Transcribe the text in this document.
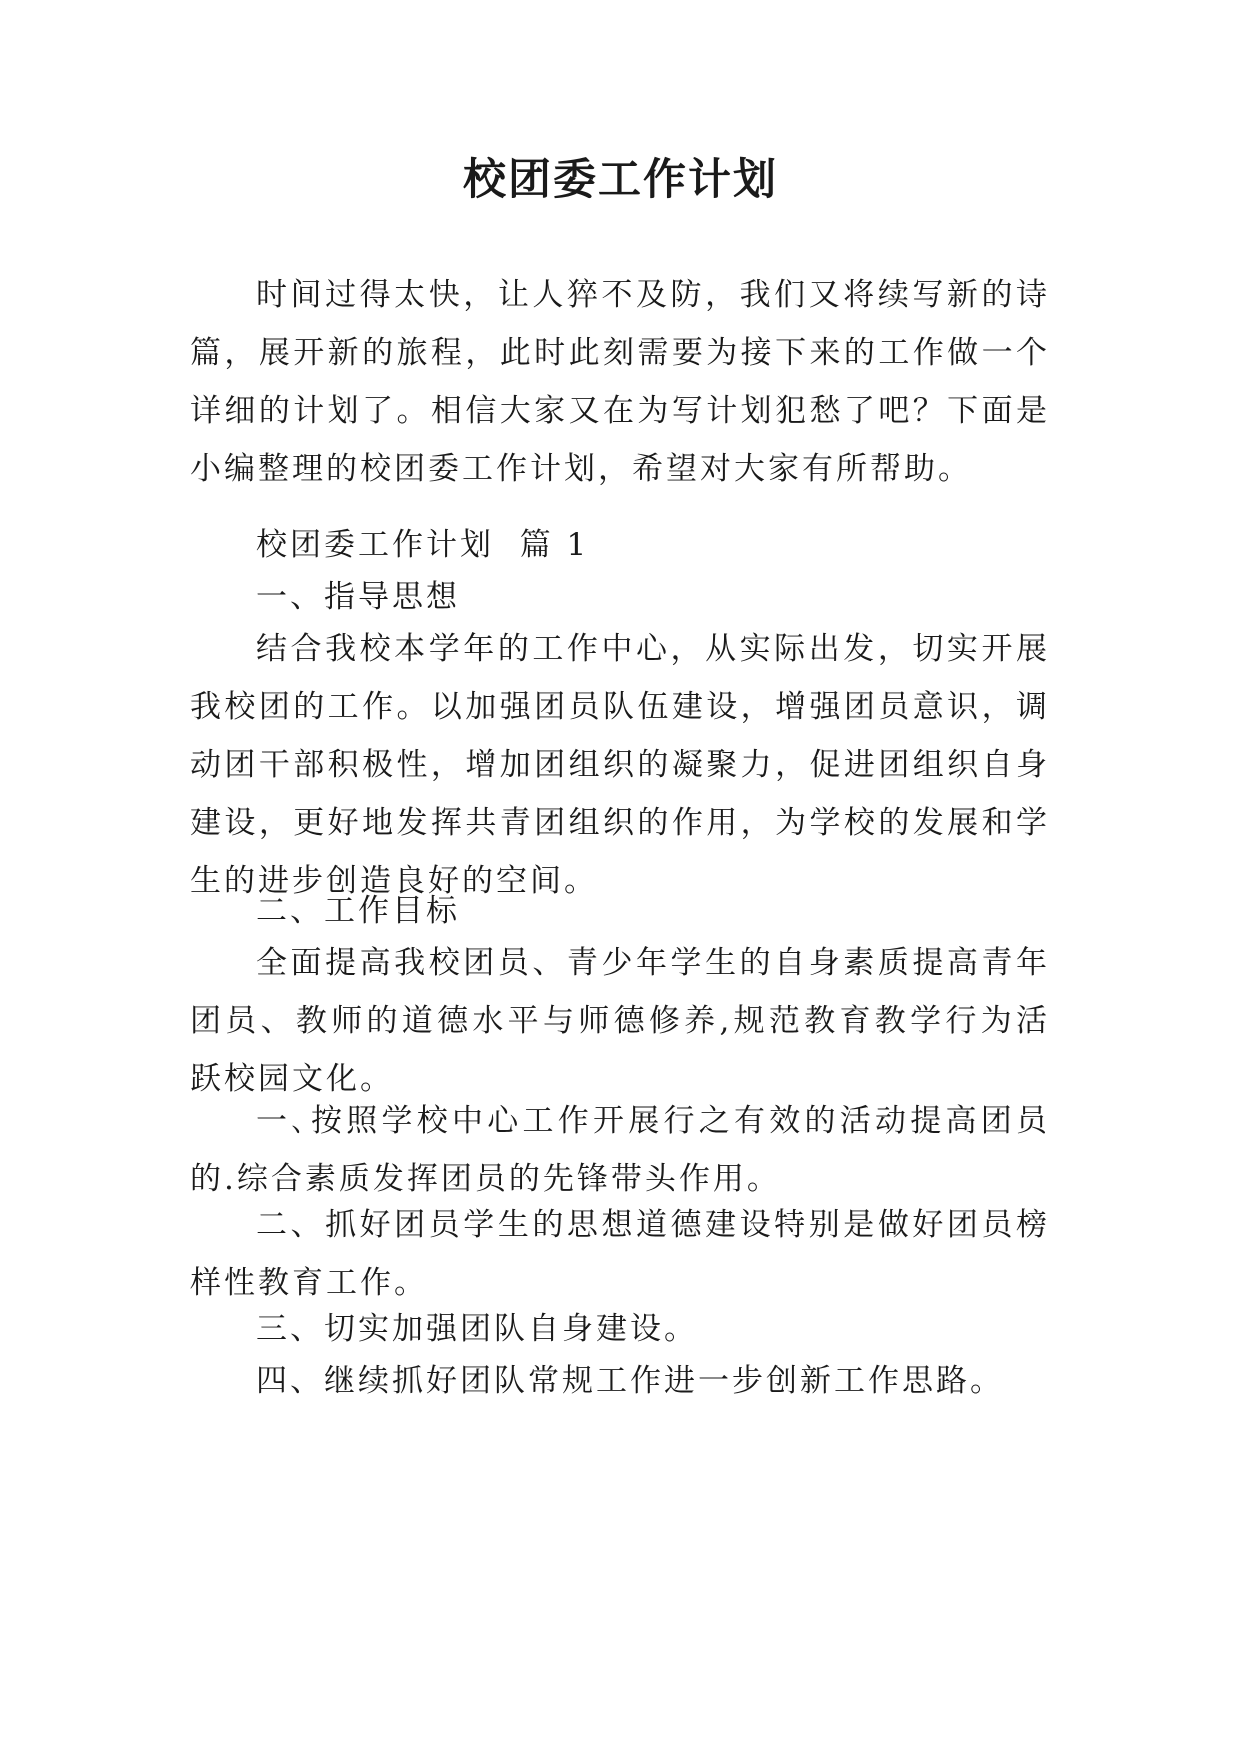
校团委工作计划

时间过得太快，让人猝不及防，我们又将续写新的诗篇，展开新的旅程，此时此刻需要为接下来的工作做一个详细的计划了。相信大家又在为写计划犯愁了吧？下面是小编整理的校团委工作计划，希望对大家有所帮助。

校团委工作计划  篇 1

一、指导思想

结合我校本学年的工作中心，从实际出发，切实开展我校团的工作。以加强团员队伍建设，增强团员意识，调动团干部积极性，增加团组织的凝聚力，促进团组织自身建设，更好地发挥共青团组织的作用，为学校的发展和学生的进步创造良好的空间。

二、工作目标

全面提高我校团员、青少年学生的自身素质提高青年团员、教师的道德水平与师德修养,规范教育教学行为活跃校园文化。

一､按照学校中心工作开展行之有效的活动提高团员的.综合素质发挥团员的先锋带头作用。

二、抓好团员学生的思想道德建设特别是做好团员榜样性教育工作。

三、切实加强团队自身建设。

四、继续抓好团队常规工作进一步创新工作思路。
